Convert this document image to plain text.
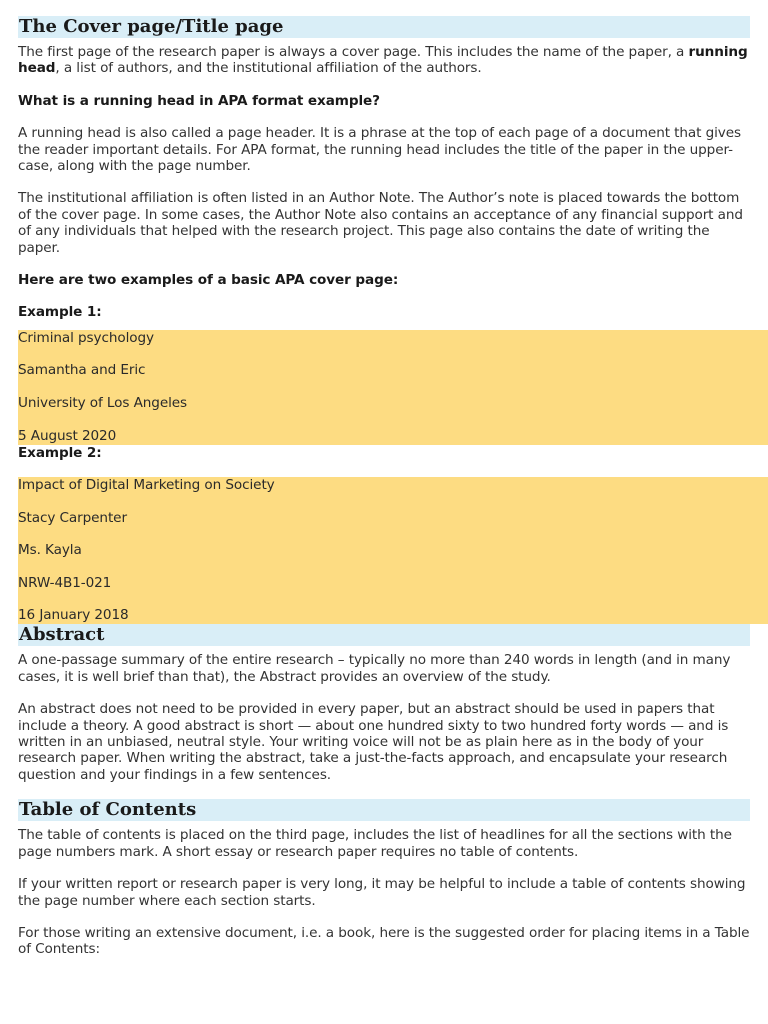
The Cover page/Title page

The first page of the research paper is always a cover page. This includes the name of the paper, a running head, a list of authors, and the institutional affiliation of the authors.

What is a running head in APA format example?

A running head is also called a page header. It is a phrase at the top of each page of a document that gives the reader important details. For APA format, the running head includes the title of the paper in the upper-case, along with the page number.

The institutional affiliation is often listed in an Author Note. The Author’s note is placed towards the bottom of the cover page. In some cases, the Author Note also contains an acceptance of any financial support and of any individuals that helped with the research project. This page also contains the date of writing the paper.

Here are two examples of a basic APA cover page:

Example 1:

Criminal psychology

Samantha and Eric

University of Los Angeles

5 August 2020

Example 2:

Impact of Digital Marketing on Society

Stacy Carpenter

Ms. Kayla

NRW-4B1-021

16 January 2018

Abstract

A one-passage summary of the entire research – typically no more than 240 words in length (and in many cases, it is well brief than that), the Abstract provides an overview of the study.

An abstract does not need to be provided in every paper, but an abstract should be used in papers that include a theory. A good abstract is short — about one hundred sixty to two hundred forty words — and is written in an unbiased, neutral style. Your writing voice will not be as plain here as in the body of your research paper. When writing the abstract, take a just-the-facts approach, and encapsulate your research question and your findings in a few sentences.

Table of Contents

The table of contents is placed on the third page, includes the list of headlines for all the sections with the page numbers mark. A short essay or research paper requires no table of contents.

If your written report or research paper is very long, it may be helpful to include a table of contents showing the page number where each section starts.

For those writing an extensive document, i.e. a book, here is the suggested order for placing items in a Table of Contents:
